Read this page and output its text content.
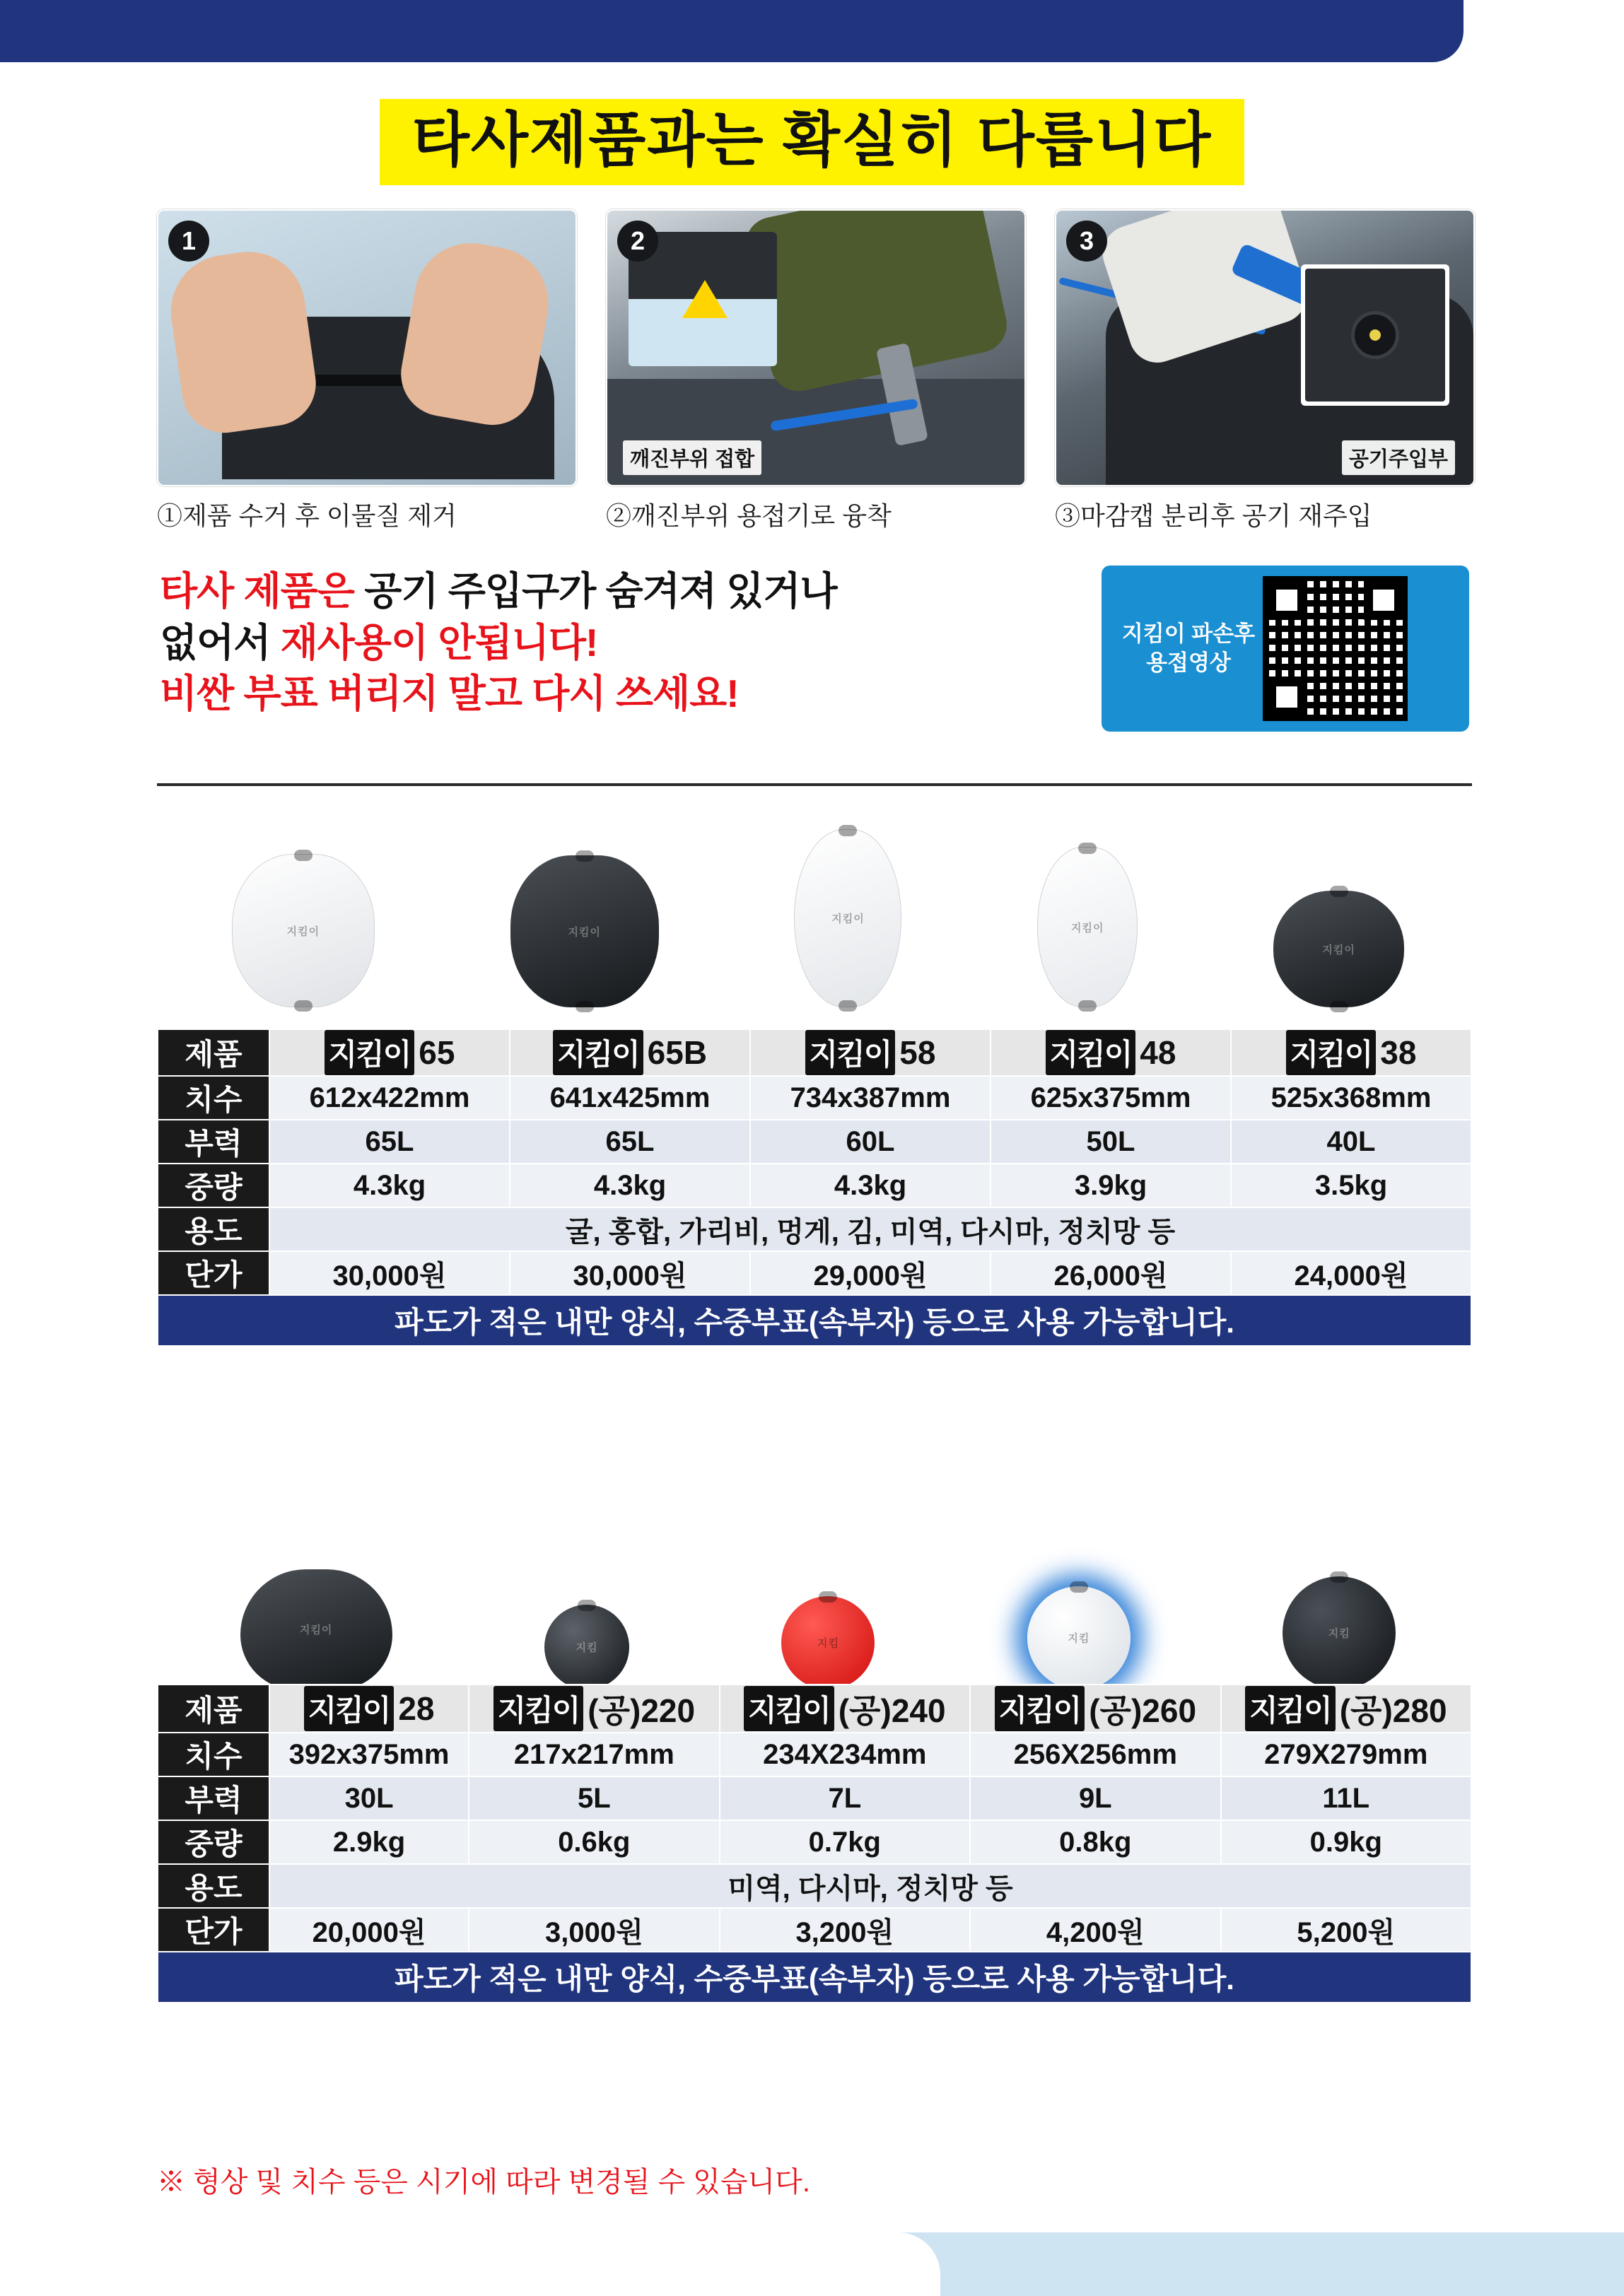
타사제품과는 확실히 다릅니다
1
①제품 수거 후 이물질 제거
2
깨진부위 접합
②깨진부위 용접기로 융착
3
공기주입부
③마감캡 분리후 공기 재주입
타사 제품은 공기 주입구가 숨겨져 있거나
없어서 재사용이 안됩니다!
비싼 부표 버리지 말고 다시 쓰세요!
지킴이 파손후
용접영상
지킴이	지킴이
지킴이
지킴이
지킴이
제품	지킴이 65	지킴이 65B	지킴이 58	지킴이 48	지킴이 38

치수	612x422mm	641x425mm	734x387mm	625x375mm	525x368mm
부력	65L	65L	60L	50L	40L
중량	4.3kg	4.3kg	4.3kg	3.9kg	3.5kg
용도	굴, 홍합, 가리비, 멍게, 김, 미역, 다시마, 정치망 등				
단가	30,000원	30,000원	29,000원	26,000원	24,000원
파도가 적은 내만 양식, 수중부표(속부자) 등으로 사용 가능합니다.					
지킴이
지킴	지킴	지킴	지킴
제품	지킴이 28	지킴이 (공)220	지킴이 (공)240	지킴이 (공)260	지킴이 (공)280

치수	392x375mm	217x217mm	234X234mm	256X256mm	279X279mm
부력	30L	5L	7L	9L	11L
중량	2.9kg	0.6kg	0.7kg	0.8kg	0.9kg
용도	미역, 다시마, 정치망 등				
단가	20,000원	3,000원	3,200원	4,200원	5,200원
파도가 적은 내만 양식, 수중부표(속부자) 등으로 사용 가능합니다.					
※ 형상 및 치수 등은 시기에 따라 변경될 수 있습니다.
